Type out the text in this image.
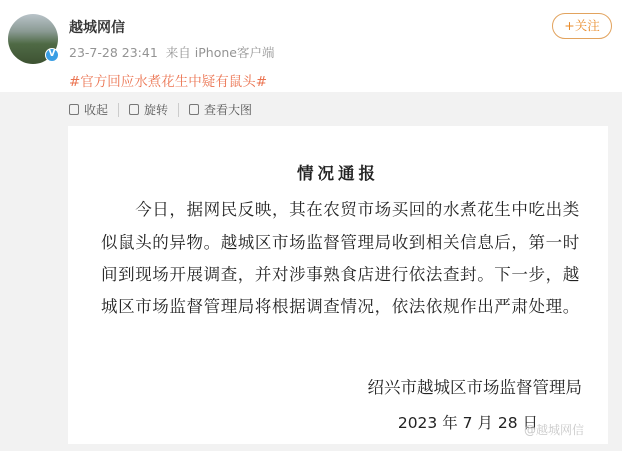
V
越城网信
23-7-28 23:41 来自 iPhone客户端
#官方回应水煮花生中疑有鼠头#
+关注
收起	旋转	查看大图
情况通报
　　今日，据网民反映，其在农贸市场买回的水煮花生中吃出类
似鼠头的异物。越城区市场监督管理局收到相关信息后，第一时
间到现场开展调查，并对涉事熟食店进行依法查封。下一步，越
城区市场监督管理局将根据调查情况，依法依规作出严肃处理。
绍兴市越城区市场监督管理局
2023 年 7 月 28 日
@越城网信
